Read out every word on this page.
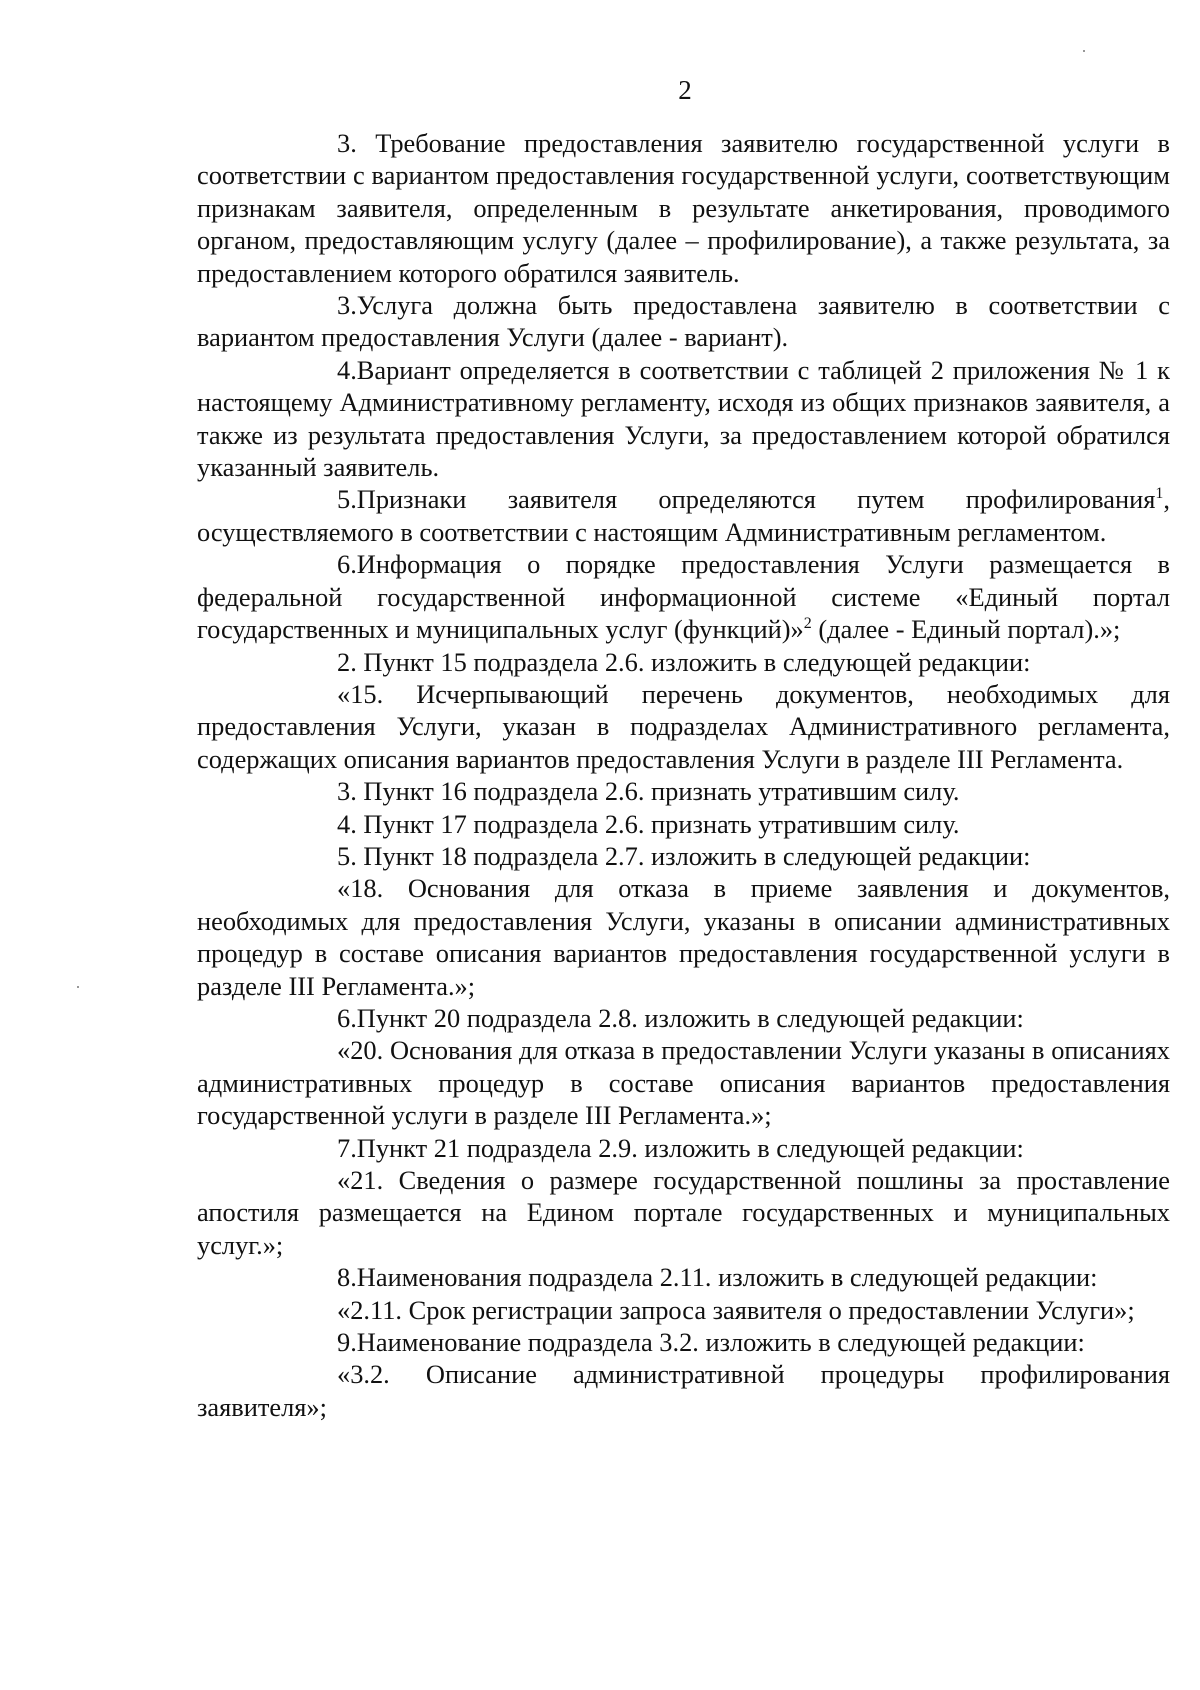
2

3. Требование предоставления заявителю государственной услуги в соответствии с вариантом предоставления государственной услуги, соответствующим признакам заявителя, определенным в результате анкетирования, проводимого органом, предоставляющим услугу (далее – профилирование), а также результата, за предоставлением которого обратился заявитель.

3.Услуга должна быть предоставлена заявителю в соответствии с вариантом предоставления Услуги (далее - вариант).

4.Вариант определяется в соответствии с таблицей 2 приложения № 1 к настоящему Административному регламенту, исходя из общих признаков заявителя, а также из результата предоставления Услуги, за предоставлением которой обратился указанный заявитель.

5.Признаки заявителя определяются путем профилирования$^1$, осуществляемого в соответствии с настоящим Административным регламентом.

6.Информация о порядке предоставления Услуги размещается в федеральной государственной информационной системе «Единый портал государственных и муниципальных услуг (функций)»$^2$ (далее - Единый портал).»;

2. Пункт 15 подраздела 2.6. изложить в следующей редакции:

«15. Исчерпывающий перечень документов, необходимых для предоставления Услуги, указан в подразделах Административного регламента, содержащих описания вариантов предоставления Услуги в разделе III Регламента.

3. Пункт 16 подраздела 2.6. признать утратившим силу.

4. Пункт 17 подраздела 2.6. признать утратившим силу.

5. Пункт 18 подраздела 2.7. изложить в следующей редакции:

«18. Основания для отказа в приеме заявления и документов, необходимых для предоставления Услуги, указаны в описании административных процедур в составе описания вариантов предоставления государственной услуги в разделе III Регламента.»;

6.Пункт 20 подраздела 2.8. изложить в следующей редакции:

«20. Основания для отказа в предоставлении Услуги указаны в описаниях административных процедур в составе описания вариантов предоставления государственной услуги в разделе III Регламента.»;

7.Пункт 21 подраздела 2.9. изложить в следующей редакции:

«21. Сведения о размере государственной пошлины за проставление апостиля размещается на Едином портале государственных и муниципальных услуг.»;

8.Наименования подраздела 2.11. изложить в следующей редакции:

«2.11. Срок регистрации запроса заявителя о предоставлении Услуги»;

9.Наименование подраздела 3.2. изложить в следующей редакции:

«3.2. Описание административной процедуры профилирования заявителя»;
